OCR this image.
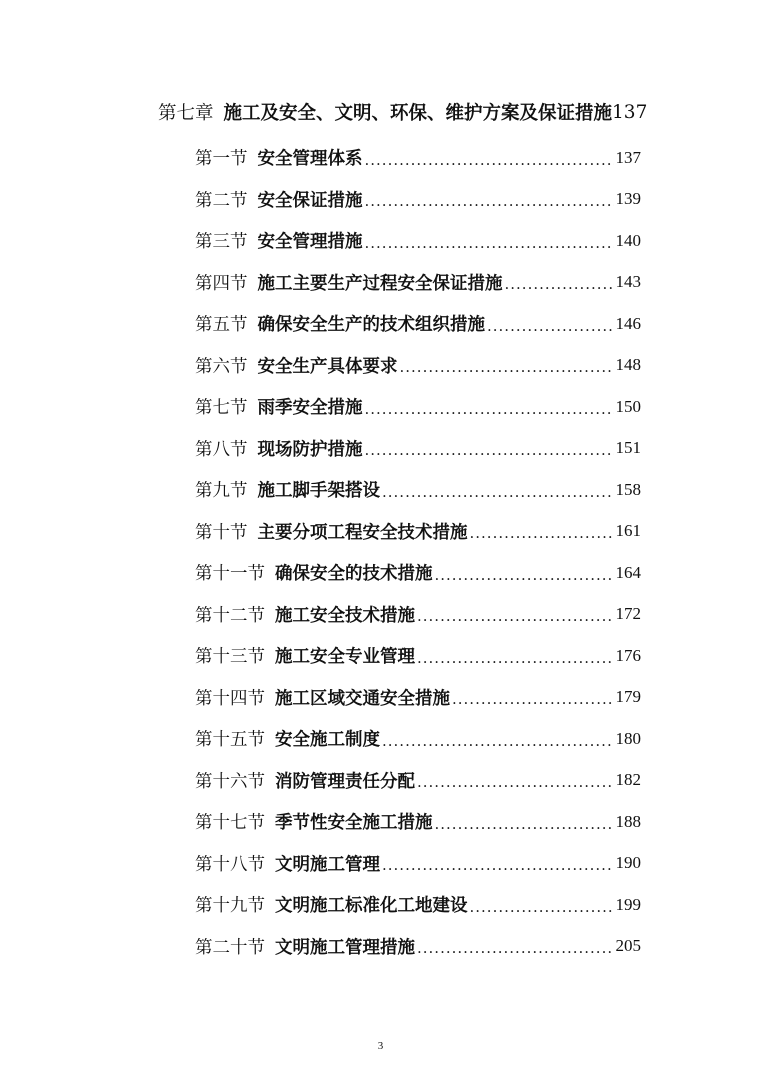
第七章 施工及安全、文明、环保、维护方案及保证措施 137
第一节 安全管理体系 .....	137
第二节 安全保证措施 .....	139
第三节 安全管理措施 .....	140
第四节 施工主要生产过程安全保证措施 .....	143
第五节 确保安全生产的技术组织措施 .....	146
第六节 安全生产具体要求 .....	148
第七节 雨季安全措施 .....	150
第八节 现场防护措施 .....	151
第九节 施工脚手架搭设 .....	158
第十节 主要分项工程安全技术措施 .....	161
第十一节 确保安全的技术措施 .....	164
第十二节 施工安全技术措施 .....	172
第十三节 施工安全专业管理 .....	176
第十四节 施工区域交通安全措施 .....	179
第十五节 安全施工制度 .....	180
第十六节 消防管理责任分配 .....	182
第十七节 季节性安全施工措施 .....	188
第十八节 文明施工管理 .....	190
第十九节 文明施工标准化工地建设 .....	199
第二十节 文明施工管理措施 .....	205
3
